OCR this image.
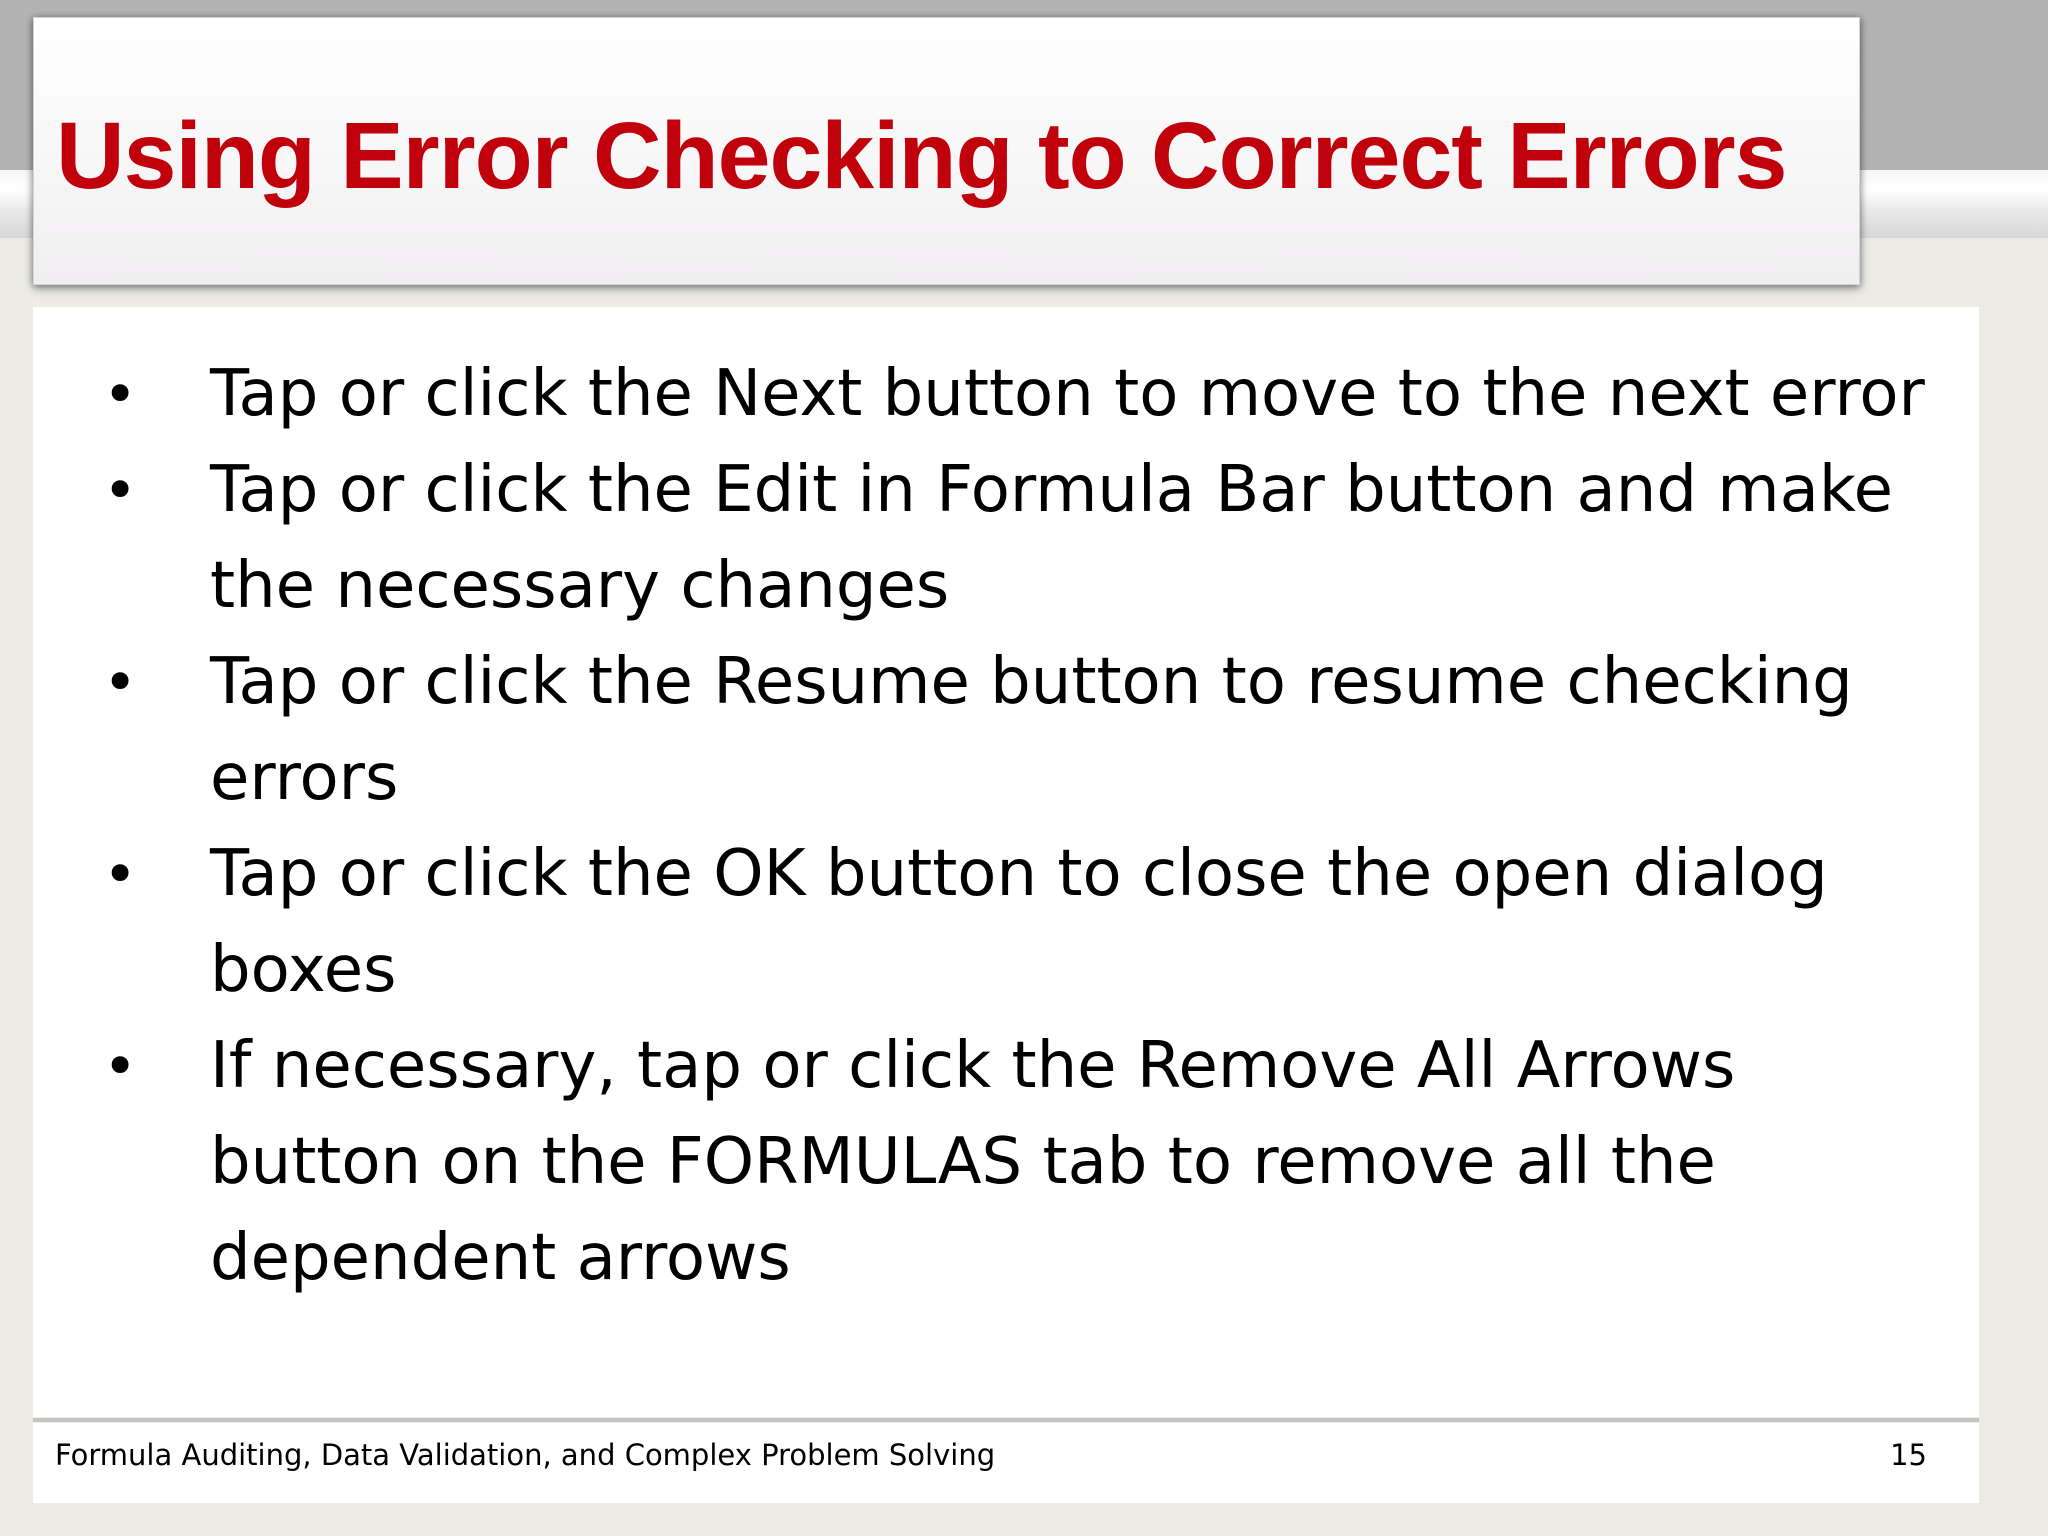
Using Error Checking to Correct Errors
• Tap or click the Next button to move to the next error
• Tap or click the Edit in Formula Bar button and make the necessary changes
• Tap or click the Resume button to resume checking errors
• Tap or click the OK button to close the open dialog boxes
• If necessary, tap or click the Remove All Arrows button on the FORMULAS tab to remove all the dependent arrows
Formula Auditing, Data Validation, and Complex Problem Solving	15
